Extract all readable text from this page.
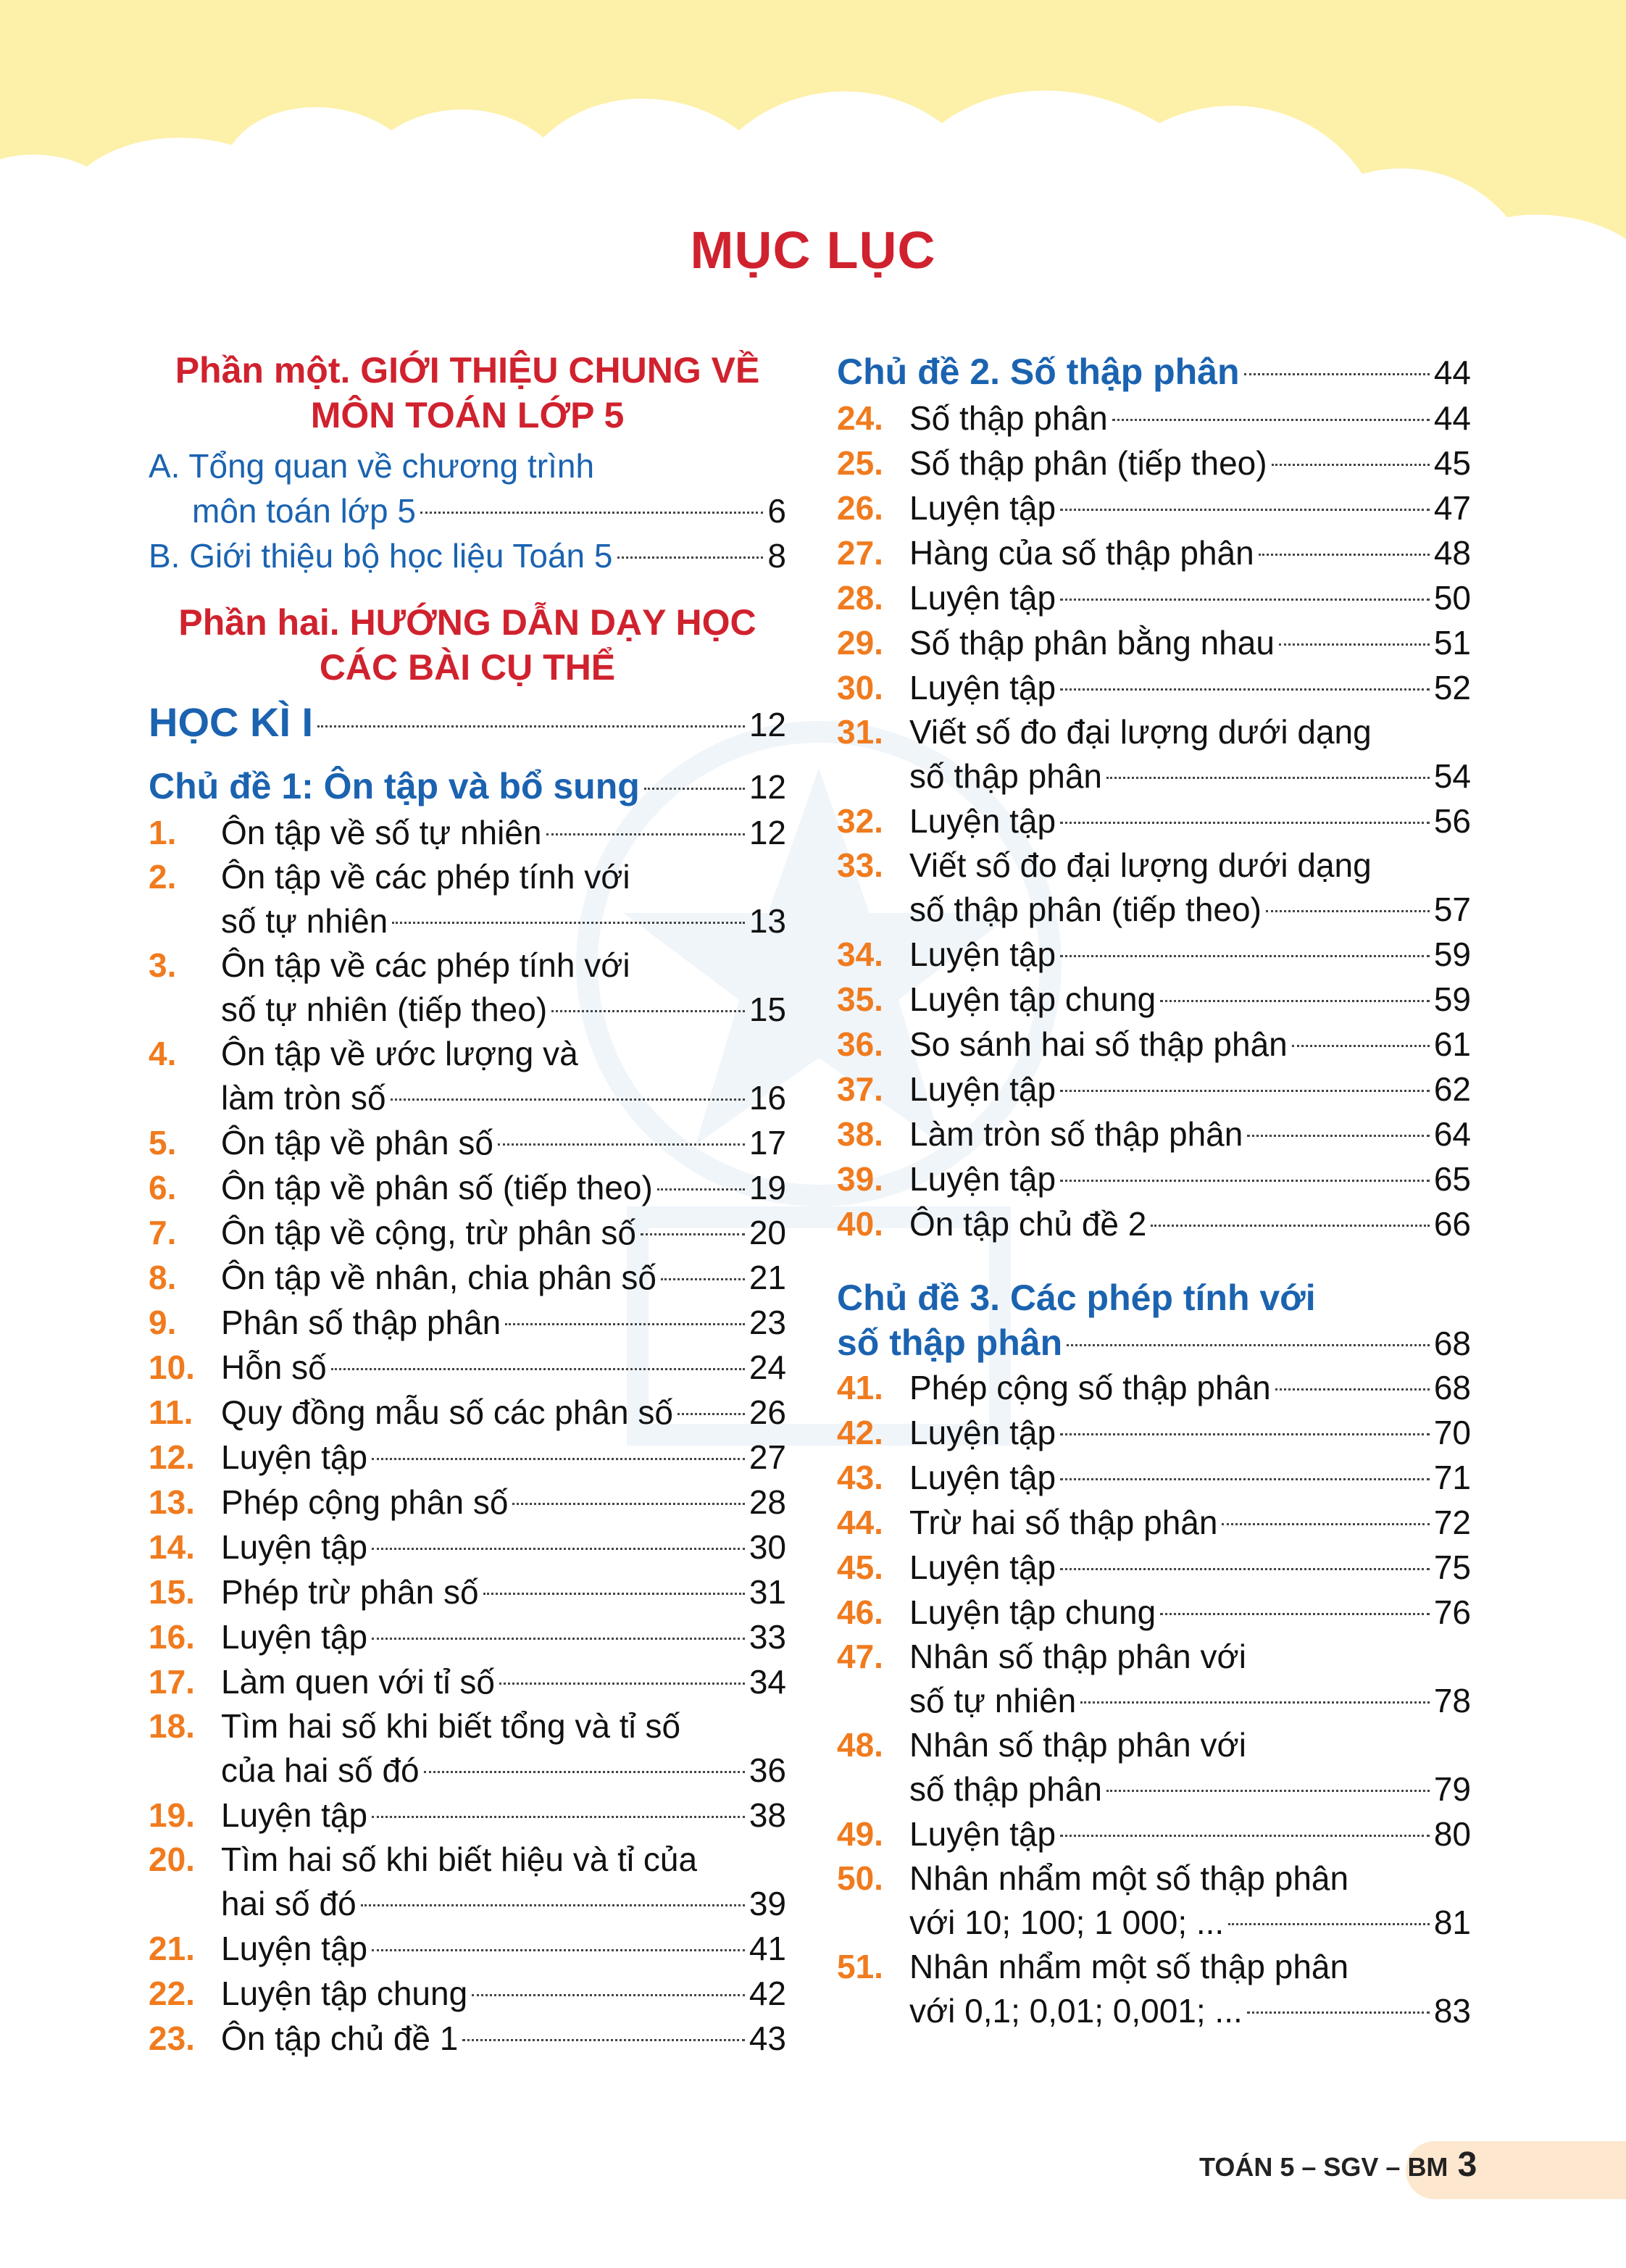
MỤC LỤC
Phần một. GIỚI THIỆU CHUNG VỀ
MÔN TOÁN LỚP 5
A. Tổng quan về chương trình
môn toán lớp 5	6
B. Giới thiệu bộ học liệu Toán 5	8
Phần hai. HƯỚNG DẪN DẠY HỌC
CÁC BÀI CỤ THỂ
HỌC KÌ I	12
Chủ đề 1: Ôn tập và bổ sung	12
1.	Ôn tập về số tự nhiên	12
2.	Ôn tập về các phép tính với
số tự nhiên	13
3.	Ôn tập về các phép tính với
số tự nhiên (tiếp theo)	15
4.	Ôn tập về ước lượng và
làm tròn số	16
5.	Ôn tập về phân số	17
6.	Ôn tập về phân số (tiếp theo)	19
7.	Ôn tập về cộng, trừ phân số	20
8.	Ôn tập về nhân, chia phân số	21
9.	Phân số thập phân	23
10. Hỗn số	24
11. Quy đồng mẫu số các phân số 26
12. Luyện tập	27
13. Phép cộng phân số	28
14. Luyện tập	30
15. Phép trừ phân số	31
16. Luyện tập	33
17. Làm quen với tỉ số	34
18. Tìm hai số khi biết tổng và tỉ số
của hai số đó	36
19. Luyện tập	38
20. Tìm hai số khi biết hiệu và tỉ của
hai số đó	39
21. Luyện tập	41
22. Luyện tập chung	42
23. Ôn tập chủ đề 1	43
Chủ đề 2. Số thập phân	44
24. Số thập phân	44
25. Số thập phân (tiếp theo)	45
26. Luyện tập	47
27. Hàng của số thập phân	48
28. Luyện tập	50
29. Số thập phân bằng nhau	51
30. Luyện tập	52
31. Viết số đo đại lượng dưới dạng
số thập phân	54
32. Luyện tập	56
33. Viết số đo đại lượng dưới dạng
số thập phân (tiếp theo)	57
34. Luyện tập	59
35. Luyện tập chung	59
36. So sánh hai số thập phân	61
37. Luyện tập	62
38. Làm tròn số thập phân	64
39. Luyện tập	65
40. Ôn tập chủ đề 2	66
Chủ đề 3. Các phép tính với
số thập phân	68
41. Phép cộng số thập phân	68
42. Luyện tập	70
43. Luyện tập	71
44. Trừ hai số thập phân	72
45. Luyện tập	75
46. Luyện tập chung	76
47. Nhân số thập phân với
số tự nhiên	78
48. Nhân số thập phân với
số thập phân	79
49. Luyện tập	80
50. Nhân nhẩm một số thập phân
với 10; 100; 1 000; ...	81
51. Nhân nhẩm một số thập phân
với 0,1; 0,01; 0,001; ...	83
TOÁN 5 – SGV – BM 3
